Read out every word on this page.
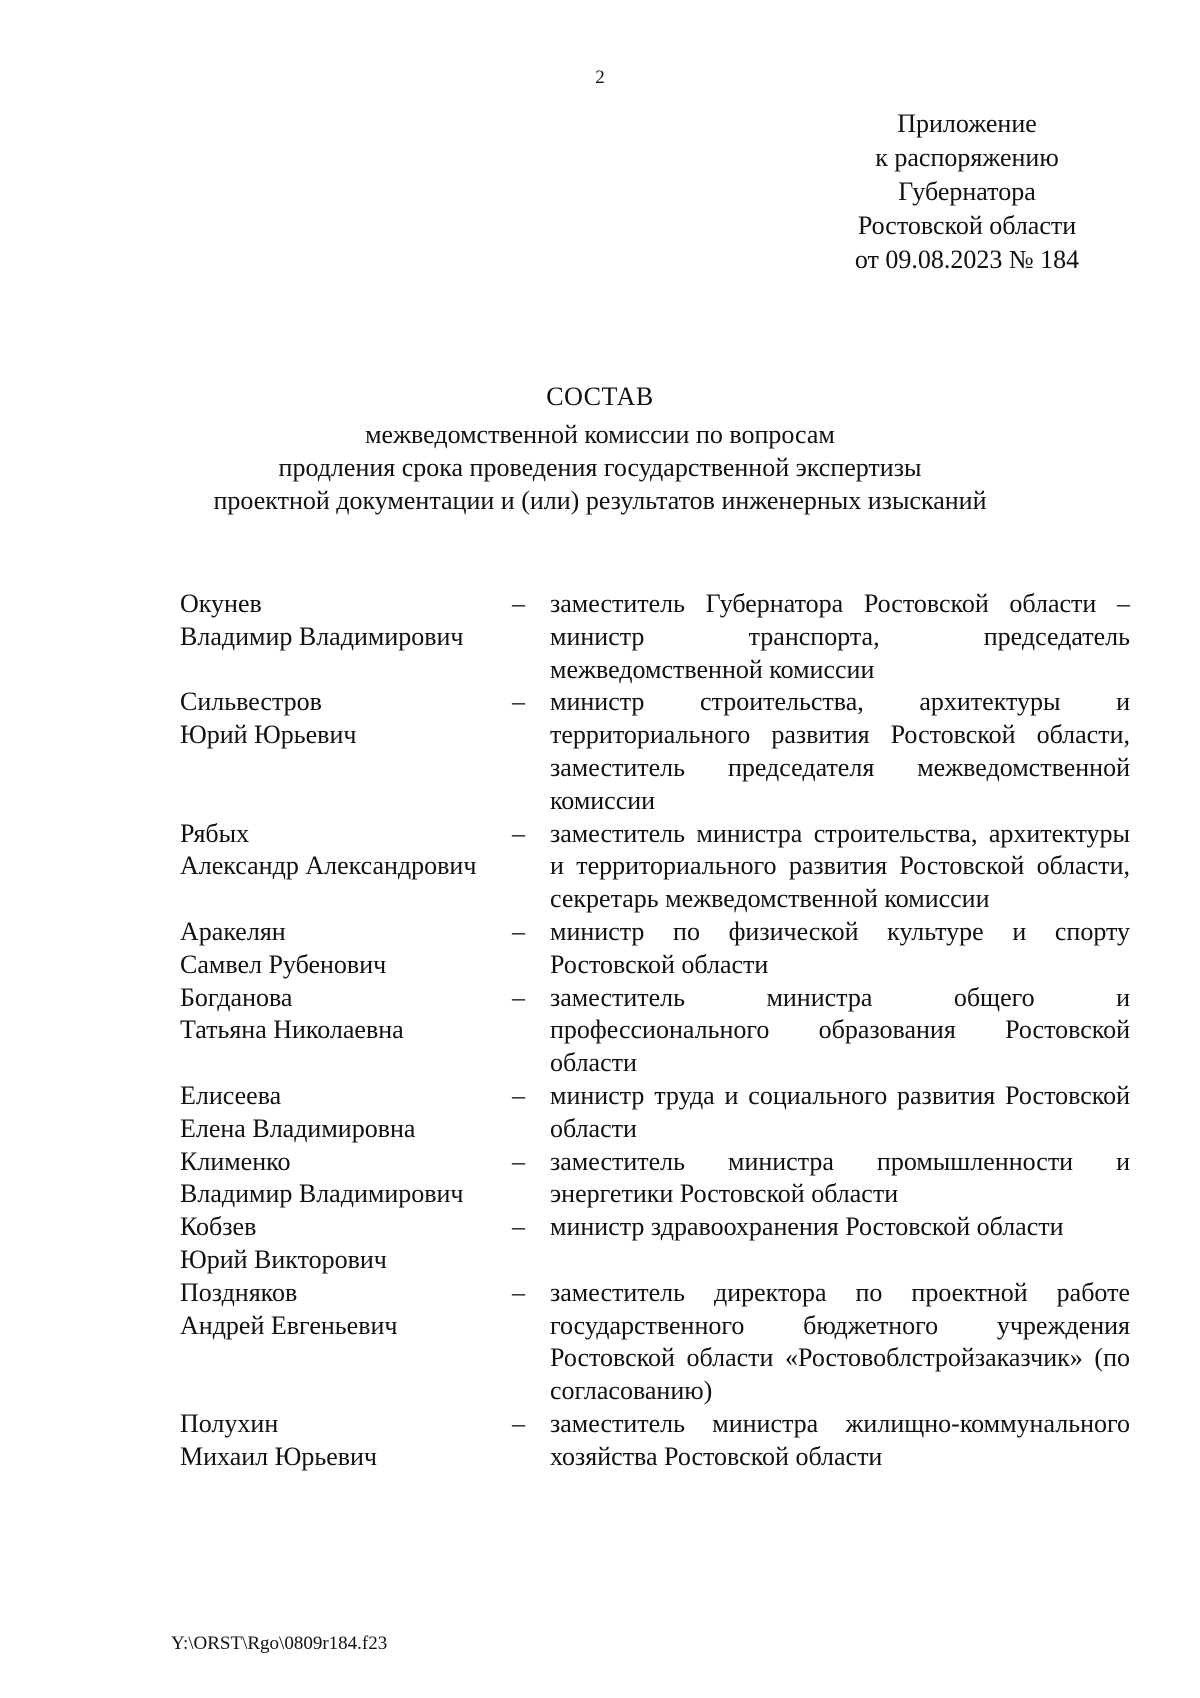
2
Приложение
к распоряжению
Губернатора
Ростовской области
от 09.08.2023 № 184
СОСТАВ
межведомственной комиссии по вопросам
продления срока проведения государственной экспертизы
проектной документации и (или) результатов инженерных изысканий
Окунев
Владимир Владимирович
– заместитель Губернатора Ростовской области – министр транспорта, председатель межведомственной комиссии
Сильвестров
Юрий Юрьевич
– министр строительства, архитектуры и территориального развития Ростовской области, заместитель председателя межведомственной комиссии
Рябых
Александр Александрович
– заместитель министра строительства, архитектуры и территориального развития Ростовской области, секретарь межведомственной комиссии
Аракелян
Самвел Рубенович
– министр по физической культуре и спорту Ростовской области
Богданова
Татьяна Николаевна
– заместитель министра общего и профессионального образования Ростовской области
Елисеева
Елена Владимировна
– министр труда и социального развития Ростовской области
Клименко
Владимир Владимирович
– заместитель министра промышленности и энергетики Ростовской области
Кобзев
Юрий Викторович
– министр здравоохранения Ростовской области
Поздняков
Андрей Евгеньевич
– заместитель директора по проектной работе государственного бюджетного учреждения Ростовской области «Ростовоблстройзаказчик» (по согласованию)
Полухин
Михаил Юрьевич
– заместитель министра жилищно-коммунального хозяйства Ростовской области
Y:\ORST\Rgo\0809r184.f23
